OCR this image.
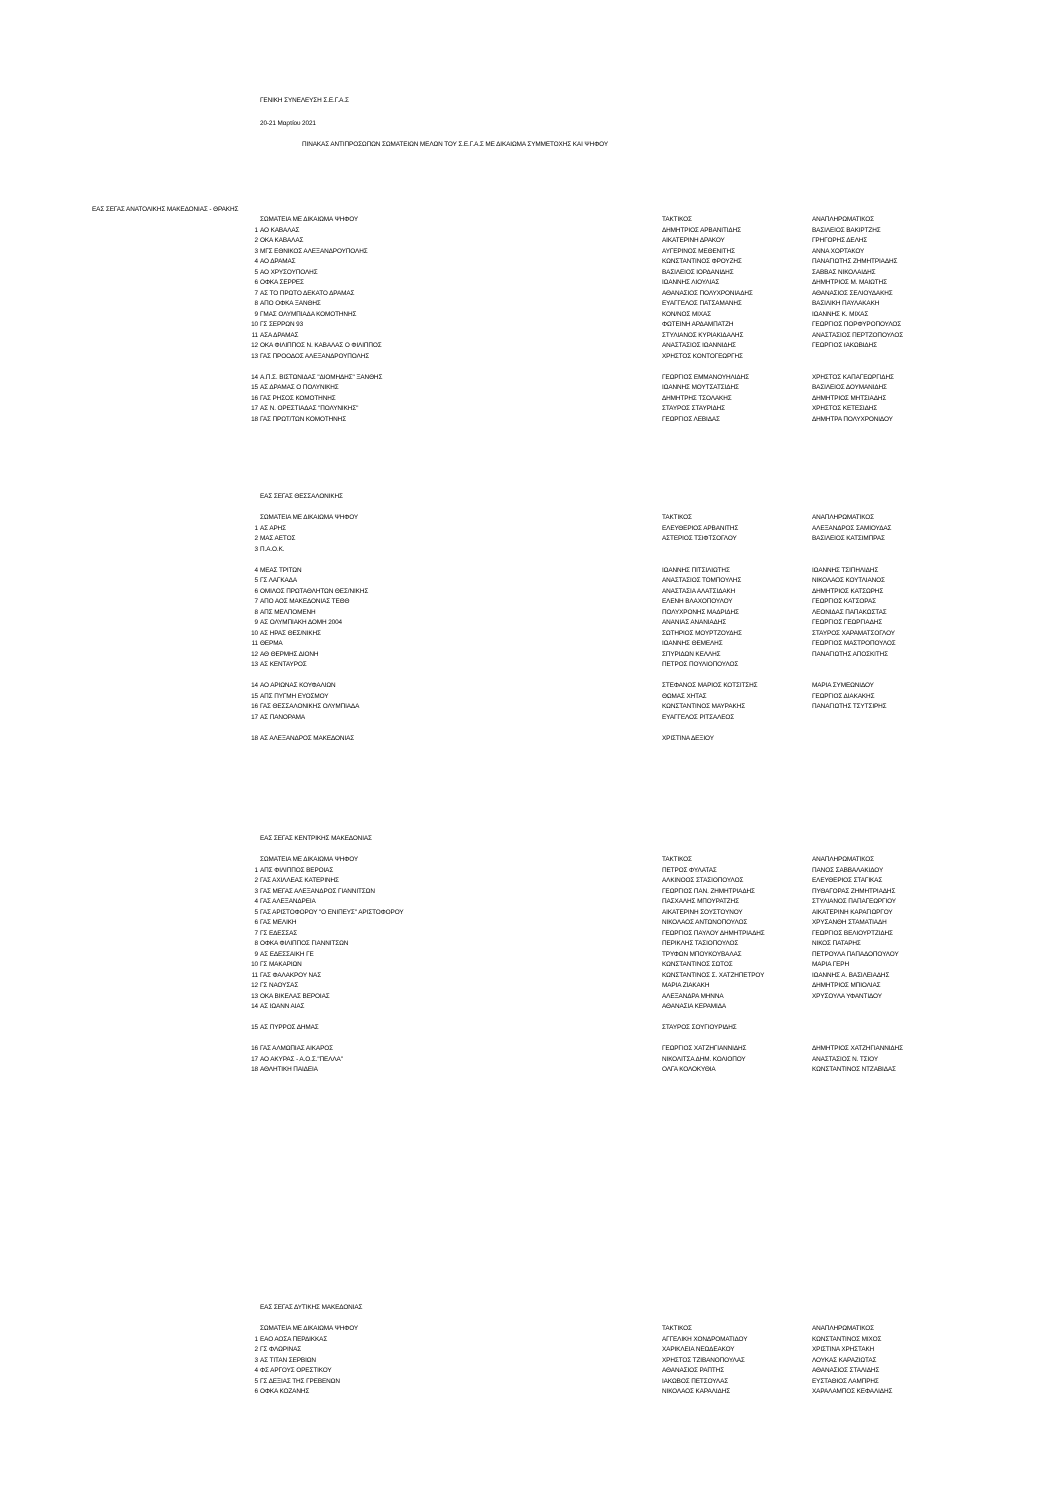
ΓΕΝΙΚΗ ΣΥΝΕΛΕΥΣΗ Σ.Ε.Γ.Α.Σ
20-21 Μαρτίου 2021
ΠΙΝΑΚΑΣ ΑΝΤΙΠΡΟΣΩΠΩΝ ΣΩΜΑΤΕΙΩΝ ΜΕΛΩΝ ΤΟΥ Σ.Ε.Γ.Α.Σ ΜΕ ΔΙΚΑΙΩΜΑ ΣΥΜΜΕΤΟΧΗΣ ΚΑΙ ΨΗΦΟΥ
ΕΑΣ ΣΕΓΑΣ ΑΝΑΤΟΛΙΚΗΣ ΜΑΚΕΔΟΝΙΑΣ - ΘΡΑΚΗΣ
ΣΩΜΑΤΕΙΑ ΜΕ ΔΙΚΑΙΩΜΑ ΨΗΦΟΥ	ΤΑΚΤΙΚΟΣ	ΑΝΑΠΛΗΡΩΜΑΤΙΚΟΣ
1 ΑΟ ΚΑΒΑΛΑΣ	ΔΗΜΗΤΡΙΟΣ ΑΡΒΑΝΙΤΙΔΗΣ	ΒΑΣΙΛΕΙΟΣ ΒΑΚΙΡΤΖΗΣ
2 ΟΚΑ ΚΑΒΑΛΑΣ	ΑΙΚΑΤΕΡΙΝΗ ΔΡΑΚΟΥ	ΓΡΗΓΟΡΗΣ ΔΕΛΗΣ
3 ΜΓΣ ΕΘΝΙΚΟΣ ΑΛΕΞΑΝΔΡΟΥΠΟΛΗΣ	ΑΥΓΕΡΙΝΟΣ ΜΕΘΕΝΙΤΗΣ	ΑΝΝΑ ΧΟΡΤΑΚΟΥ
4 ΑΟ ΔΡΑΜΑΣ	ΚΩΝΣΤΑΝΤΙΝΟΣ ΦΡΟΥΖΗΣ	ΠΑΝΑΓΙΩΤΗΣ ΖΗΜΗΤΡΙΑΔΗΣ
5 ΑΟ ΧΡΥΣΟΥΠΟΛΗΣ	ΒΑΣΙΛΕΙΟΣ ΙΟΡΔΑΝΙΔΗΣ	ΣΑΒΒΑΣ ΝΙΚΟΛΑΙΔΗΣ
6 ΟΦΚΑ ΣΕΡΡΕΣ	ΙΩΑΝΝΗΣ ΛΙΟΥΛΙΑΣ	ΔΗΜΗΤΡΙΟΣ Μ. ΜΑΙΩΤΗΣ
7 ΑΣ ΤΟ ΠΡΩΤΟ ΔΕΚΑΤΟ ΔΡΑΜΑΣ	ΑΘΑΝΑΣΙΟΣ ΠΟΛΥΧΡΟΝΙΑΔΗΣ	ΑΘΑΝΑΣΙΟΣ ΣΕΛΙΟΥΔΑΚΗΣ
8 ΑΠΟ ΟΦΚΑ ΞΑΝΘΗΣ	ΕΥΑΓΓΕΛΟΣ ΠΑΤΣΑΜΑΝΗΣ	ΒΑΣΙΛΙΚΗ ΠΑΥΛΑΚΑΚΗ
9 ΓΜΑΣ ΟΛΥΜΠΙΑΔΑ ΚΟΜΟΤΗΝΗΣ	ΚΟΝ/ΝΟΣ ΜΙΧΑΣ	ΙΩΑΝΝΗΣ Κ. ΜΙΧΑΣ
10 ΓΣ ΣΕΡΡΩΝ 93	ΦΩΤΕΙΝΗ ΑΡΔΑΜΠΑΤΖΗ	ΓΕΩΡΓΙΟΣ ΠΟΡΦΥΡΟΠΟΥΛΟΣ
11 ΑΣΑ ΔΡΑΜΑΣ	ΣΤΥΛΙΑΝΟΣ ΚΥΡΙΑΚΙΔΑΛΗΣ	ΑΝΑΣΤΑΣΙΟΣ ΠΕΡΤΖΟΠΟΥΛΟΣ
12 ΟΚΑ ΦΙΛΙΠΠΟΣ Ν. ΚΑΒΑΛΑΣ Ο ΦΙΛΙΠΠΟΣ	ΑΝΑΣΤΑΣΙΟΣ ΙΩΑΝΝΙΔΗΣ	ΓΕΩΡΓΙΟΣ ΙΑΚΩΒΙΔΗΣ
13 ΓΑΣ ΠΡΟΟΔΟΣ ΑΛΕΞΑΝΔΡΟΥΠΟΛΗΣ	ΧΡΗΣΤΟΣ ΚΟΝΤΟΓΕΩΡΓΗΣ
14 Α.Π.Σ. ΒΙΣΤΩΝΙΔΑΣ "ΔΙΟΜΗΔΗΣ" ΞΑΝΘΗΣ	ΓΕΩΡΓΙΟΣ ΕΜΜΑΝΟΥΗΛΙΔΗΣ	ΧΡΗΣΤΟΣ ΚΑΠΑΓΕΩΡΓΙΔΗΣ
15 ΑΣ ΔΡΑΜΑΣ Ο ΠΟΛΥΝΙΚΗΣ	ΙΩΑΝΝΗΣ ΜΟΥΤΣΑΤΣΙΔΗΣ	ΒΑΣΙΛΕΙΟΣ ΔΟΥΜΑΝΙΔΗΣ
16 ΓΑΣ ΡΗΣΟΣ ΚΟΜΟΤΗΝΗΣ	ΔΗΜΗΤΡΗΣ ΤΣΟΛΑΚΗΣ	ΔΗΜΗΤΡΙΟΣ ΜΗΤΣΙΑΔΗΣ
17 ΑΣ Ν. ΟΡΕΣΤΙΑΔΑΣ "ΠΟΛΥΝΙΚΗΣ"	ΣΤΑΥΡΟΣ ΣΤΑΥΡΙΔΗΣ	ΧΡΗΣΤΟΣ ΚΕΤΕΣΙΔΗΣ
18 ΓΑΣ ΠΡΩΤ/ΤΩΝ ΚΟΜΟΤΗΝΗΣ	ΓΕΩΡΓΙΟΣ ΛΕΒΙΔΑΣ	ΔΗΜΗΤΡΑ ΠΟΛΥΧΡΟΝΙΔΟΥ
ΕΑΣ ΣΕΓΑΣ ΘΕΣΣΑΛΟΝΙΚΗΣ
ΣΩΜΑΤΕΙΑ ΜΕ ΔΙΚΑΙΩΜΑ ΨΗΦΟΥ	ΤΑΚΤΙΚΟΣ	ΑΝΑΠΛΗΡΩΜΑΤΙΚΟΣ
1 ΑΣ ΑΡΗΣ	ΕΛΕΥΘΕΡΙΟΣ ΑΡΒΑΝΙΤΗΣ	ΑΛΕΞΑΝΔΡΟΣ ΣΑΜΙΟΥΔΑΣ
2 ΜΑΣ ΑΕΤΟΣ	ΑΣΤΕΡΙΟΣ ΤΣΙΦΤΣΟΓΛΟΥ	ΒΑΣΙΛΕΙΟΣ ΚΑΤΣΙΜΠΡΑΣ
3 Π.Α.Ο.Κ.
4 ΜΕΑΣ ΤΡΙΤΩΝ	ΙΩΑΝΝΗΣ ΠΙΤΣΙΛΙΩΤΗΣ	ΙΩΑΝΝΗΣ ΤΣΙΠΗΛΙΔΗΣ
5 ΓΣ ΛΑΓΚΑΔΑ	ΑΝΑΣΤΑΣΙΟΣ ΤΟΜΠΟΥΛΗΣ	ΝΙΚΟΛΑΟΣ ΚΟΥΤΛΙΑΝΟΣ
6 ΟΜΙΛΟΣ ΠΡΩΤΑΘΛΗΤΩΝ ΘΕΣ/ΝΙΚΗΣ	ΑΝΑΣΤΑΣΙΑ ΑΛΑΤΣΙΔΑΚΗ	ΔΗΜΗΤΡΙΟΣ ΚΑΤΣΩΡΗΣ
7 ΑΠΟ ΑΟΣ ΜΑΚΕΔΟΝΙΑΣ ΤΕΘΘ	ΕΛΕΝΗ ΒΛΑΧΟΠΟΥΛΟΥ	ΓΕΩΡΓΙΟΣ ΚΑΤΣΟΡΑΣ
8 ΑΠΣ ΜΕΛΠΟΜΕΝΗ	ΠΟΛΥΧΡΟΝΗΣ ΜΑΔΡΙΔΗΣ	ΛΕΟΝΙΔΑΣ ΠΑΠΑΚΩΣΤΑΣ
9 ΑΣ ΟΛΥΜΠΙΑΚΗ ΔΟΜΗ 2004	ΑΝΑΝΙΑΣ ΑΝΑΝΙΑΔΗΣ	ΓΕΩΡΓΙΟΣ ΓΕΩΡΓΙΑΔΗΣ
10 ΑΣ ΗΡΑΣ ΘΕΣ/ΝΙΚΗΣ	ΣΩΤΗΡΙΟΣ ΜΟΥΡΤΖΟΥΔΗΣ	ΣΤΑΥΡΟΣ ΧΑΡΑΜΑΤΣΟΓΛΟΥ
11 ΘΕΡΜΑ	ΙΩΑΝΝΗΣ ΘΕΜΕΛΗΣ	ΓΕΩΡΓΙΟΣ ΜΑΣΤΡΟΠΟΥΛΟΣ
12 ΑΘ ΘΕΡΜΗΣ ΔΙΟΝΗ	ΣΠΥΡΙΔΩΝ ΚΕΛΛΗΣ	ΠΑΝΑΓΙΩΤΗΣ ΑΠΟΣΚΙΤΗΣ
13 ΑΣ ΚΕΝΤΑΥΡΟΣ	ΠΕΤΡΟΣ ΠΟΥΛΙΟΠΟΥΛΟΣ
14 ΑΟ ΑΡΙΩΝΑΣ ΚΟΥΦΑΛΙΩΝ	ΣΤΕΦΑΝΟΣ ΜΑΡΙΟΣ ΚΟΤΣΙΤΣΗΣ	ΜΑΡΙΑ ΣΥΜΕΩΝΙΔΟΥ
15 ΑΠΣ ΠΥΓΜΗ ΕΥΟΣΜΟΥ	ΘΩΜΑΣ ΧΗΤΑΣ	ΓΕΩΡΓΙΟΣ ΔΙΑΚΑΚΗΣ
16 ΓΑΣ ΘΕΣΣΑΛΟΝΙΚΗΣ ΟΛΥΜΠΙΑΔΑ	ΚΩΝΣΤΑΝΤΙΝΟΣ ΜΑΥΡΑΚΗΣ	ΠΑΝΑΓΙΩΤΗΣ ΤΣΥΤΣΙΡΗΣ
17 ΑΣ ΠΑΝΟΡΑΜΑ	ΕΥΑΓΓΕΛΟΣ ΡΙΤΣΑΛΕΟΣ
18 ΑΣ ΑΛΕΞΑΝΔΡΟΣ ΜΑΚΕΔΟΝΙΑΣ	ΧΡΙΣΤΙΝΑ ΔΕΞΙΟΥ
ΕΑΣ ΣΕΓΑΣ ΚΕΝΤΡΙΚΗΣ ΜΑΚΕΔΟΝΙΑΣ
ΣΩΜΑΤΕΙΑ ΜΕ ΔΙΚΑΙΩΜΑ ΨΗΦΟΥ	ΤΑΚΤΙΚΟΣ	ΑΝΑΠΛΗΡΩΜΑΤΙΚΟΣ
1 ΑΠΣ ΦΙΛΙΠΠΟΣ ΒΕΡΟΙΑΣ	ΠΕΤΡΟΣ ΦΥΛΑΤΑΣ	ΠΑΝΟΣ ΣΑΒΒΑΛΑΚΙΔΟΥ
2 ΓΑΣ ΑΧΙΛΛΕΑΣ ΚΑΤΕΡΙΝΗΣ	ΑΛΚΙΝΟΟΣ ΣΤΑΣΙΟΠΟΥΛΟΣ	ΕΛΕΥΘΕΡΙΟΣ ΣΤΑΓΙΚΑΣ
3 ΓΑΣ ΜΕΓΑΣ ΑΛΕΞΑΝΔΡΟΣ ΓΙΑΝΝΙΤΣΩΝ	ΓΕΩΡΓΙΟΣ ΠΑΝ. ΖΗΜΗΤΡΙΑΔΗΣ	ΠΥΘΑΓΟΡΑΣ ΖΗΜΗΤΡΙΑΔΗΣ
4 ΓΑΣ ΑΛΕΞΑΝΔΡΕΙΑ	ΠΑΣΧΑΛΗΣ ΜΠΟΥΡΑΤΖΗΣ	ΣΤΥΛΙΑΝΟΣ ΠΑΠΑΓΕΩΡΓΙΟΥ
5 ΓΑΣ ΑΡΙΣΤΟΦΟΡΟΥ "Ο ΕΝΙΠΕΥΣ" ΑΡΙΣΤΟΦΟΡΟΥ	ΑΙΚΑΤΕΡΙΝΗ ΣΟΥΣΤΟΥΝΟΥ	ΑΙΚΑΤΕΡΙΝΗ ΚΑΡΑΓΙΩΡΓΟΥ
6 ΓΑΣ ΜΕΛΙΚΗ	ΝΙΚΟΛΑΟΣ ΑΝΤΩΝΟΠΟΥΛΟΣ	ΧΡΥΣΑΝΘΗ ΣΤΑΜΑΤΙΑΔΗ
7 ΓΣ ΕΔΕΣΣΑΣ	ΓΕΩΡΓΙΟΣ ΠΑΥΛΟΥ ΔΗΜΗΤΡΙΑΔΗΣ	ΓΕΩΡΓΙΟΣ ΒΕΛΙΟΥΡΤΖΙΔΗΣ
8 ΟΦΚΑ ΦΙΛΙΠΠΟΣ ΓΙΑΝΝΙΤΣΩΝ	ΠΕΡΙΚΛΗΣ ΤΑΣΙΟΠΟΥΛΟΣ	ΝΙΚΟΣ ΠΑΤΑΡΗΣ
9 ΑΣ ΕΔΕΣΣΑΙΚΗ ΓΕ	ΤΡΥΦΩΝ ΜΠΟΥΚΟΥΒΑΛΑΣ	ΠΕΤΡΟΥΛΑ ΠΑΠΑΔΟΠΟΥΛΟΥ
10 ΓΣ ΜΑΚΑΡΙΩΝ	ΚΩΝΣΤΑΝΤΙΝΟΣ ΣΩΤΟΣ	ΜΑΡΙΑ ΓΕΡΗ
11 ΓΑΣ ΦΑΛΑΚΡΟΥ ΝΑΣ	ΚΩΝΣΤΑΝΤΙΝΟΣ Σ. ΧΑΤΖΗΠΕΤΡΟΥ	ΙΩΑΝΝΗΣ Α. ΒΑΣΙΛΕΙΑΔΗΣ
12 ΓΣ ΝΑΟΥΣΑΣ	ΜΑΡΙΑ ΖΙΑΚΑΚΗ	ΔΗΜΗΤΡΙΟΣ ΜΠΙΟΛΙΑΣ
13 ΟΚΑ ΒΙΚΕΛΑΣ ΒΕΡΟΙΑΣ	ΑΛΕΞΑΝΔΡΑ ΜΗΝΝΑ	ΧΡΥΣΟΥΛΑ ΥΦΑΝΤΙΔΟΥ
14 ΑΣ ΙΩΑΝΝ ΑΙΑΣ	ΑΘΑΝΑΣΙΑ ΚΕΡΑΜΙΔΑ
15 ΑΣ ΠΥΡΡΟΣ ΔΗΜΑΣ	ΣΤΑΥΡΟΣ ΣΟΥΓΙΟΥΡΙΔΗΣ
16 ΓΑΣ ΑΛΜΩΠΙΑΣ ΑΙΚΑΡΟΣ	ΓΕΩΡΓΙΟΣ ΧΑΤΖΗΓΙΑΝΝΙΔΗΣ	ΔΗΜΗΤΡΙΟΣ ΧΑΤΖΗΓΙΑΝΝΙΔΗΣ
17 ΑΟ ΑΚΥΡΑΣ - Α.Ο.Σ."ΠΕΛΛΑ"	ΝΙΚΟΛΙΤΣΑ ΔΗΜ. ΚΟΛΙΟΠΟΥ	ΑΝΑΣΤΑΣΙΟΣ Ν. ΤΣΙΟΥ
18 ΑΘΛΗΤΙΚΗ ΠΑΙΔΕΙΑ	ΟΛΓΑ ΚΟΛΟΚΥΘΙΑ	ΚΩΝΣΤΑΝΤΙΝΟΣ ΝΤΖΑΒΙΔΑΣ
ΕΑΣ ΣΕΓΑΣ ΔΥΤΙΚΗΣ ΜΑΚΕΔΟΝΙΑΣ
ΣΩΜΑΤΕΙΑ ΜΕ ΔΙΚΑΙΩΜΑ ΨΗΦΟΥ	ΤΑΚΤΙΚΟΣ	ΑΝΑΠΛΗΡΩΜΑΤΙΚΟΣ
1 ΕΑΟ ΑΟΣΑ ΠΕΡΔΙΚΚΑΣ	ΑΓΓΕΛΙΚΗ ΧΟΝΔΡΟΜΑΤΙΔΟΥ	ΚΩΝΣΤΑΝΤΙΝΟΣ ΜΙΧΟΣ
2 ΓΣ ΦΛΩΡΙΝΑΣ	ΧΑΡΙΚΛΕΙΑ ΝΕΩΔΕΑΚΟΥ	ΧΡΙΣΤΙΝΑ ΧΡΗΣΤΑΚΗ
3 ΑΣ ΤΙΤΑΝ ΣΕΡΒΙΩΝ	ΧΡΗΣΤΟΣ ΤΖΙΒΑΝΟΠΟΥΛΑΣ	ΛΟΥΚΑΣ ΚΑΡΑΖΙΩΤΑΣ
4 ΦΣ ΑΡΓΟΥΣ ΟΡΕΣΤΙΚΟΥ	ΑΘΑΝΑΣΙΟΣ ΡΑΠΤΗΣ	ΑΘΑΝΑΣΙΟΣ ΣΤΑΛΙΔΗΣ
5 ΓΣ ΔΕΞΙΑΣ ΤΗΣ ΓΡΕΒΕΝΩΝ	ΙΑΚΩΒΟΣ ΠΕΤΣΟΥΛΑΣ	ΕΥΣΤΑΘΙΟΣ ΛΑΜΠΡΗΣ
6 ΟΦΚΑ ΚΟΖΑΝΗΣ	ΝΙΚΟΛΑΟΣ ΚΑΡΑΛΙΔΗΣ	ΧΑΡΑΛΑΜΠΟΣ ΚΕΦΑΛΙΔΗΣ
